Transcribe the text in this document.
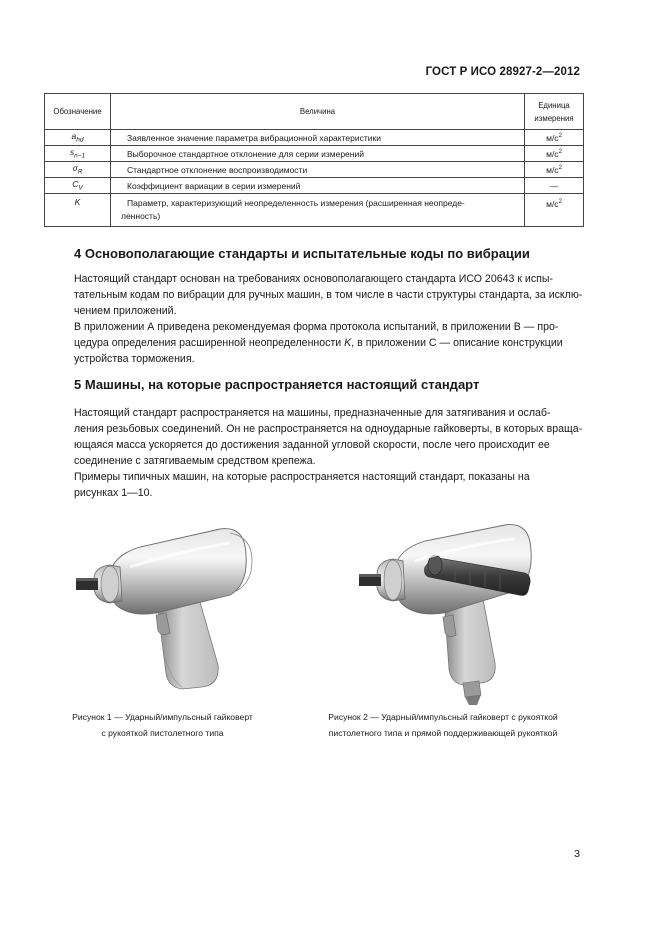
ГОСТ Р ИСО 28927-2—2012
Обозначение	Величина	Единица измерения
$a_{hd}$	Заявленное значение параметра вибрационной характеристики	$м/с^2$
$s_{n-1}$	Выборочное стандартное отклонение для серии измерений	$м/с^2$
$\sigma_R$	Стандартное отклонение воспроизводимости	$м/с^2$
$C_V$	Коэффициент вариации в серии измерений	—
K	Параметр, характеризующий неопределенность измерения (расширенная неопреде-
ленность)	$м/с^2$
4 Основополагающие стандарты и испытательные коды по вибрации
Настоящий стандарт основан на требованиях основополагающего стандарта ИСО 20643 к испы-
тательным кодам по вибрации для ручных машин, в том числе в части структуры стандарта, за исклю-
чением приложений.
В приложении А приведена рекомендуемая форма протокола испытаний, в приложении В — про-
цедура определения расширенной неопределенности K, в приложении С — описание конструкции
устройства торможения.
5 Машины, на которые распространяется настоящий стандарт
Настоящий стандарт распространяется на машины, предназначенные для затягивания и ослаб-
ления резьбовых соединений. Он не распространяется на одноударные гайковерты, в которых враща-
ющаяся масса ускоряется до достижения заданной угловой скорости, после чего происходит ее
соединение с затягиваемым средством крепежа.
Примеры типичных машин, на которые распространяется настоящий стандарт, показаны на
рисунках 1—10.
Рисунок 1 — Ударный/импульсный гайковерт
с рукояткой пистолетного типа
Рисунок 2 — Ударный/импульсный гайковерт с рукояткой
пистолетного типа и прямой поддерживающей рукояткой
3
